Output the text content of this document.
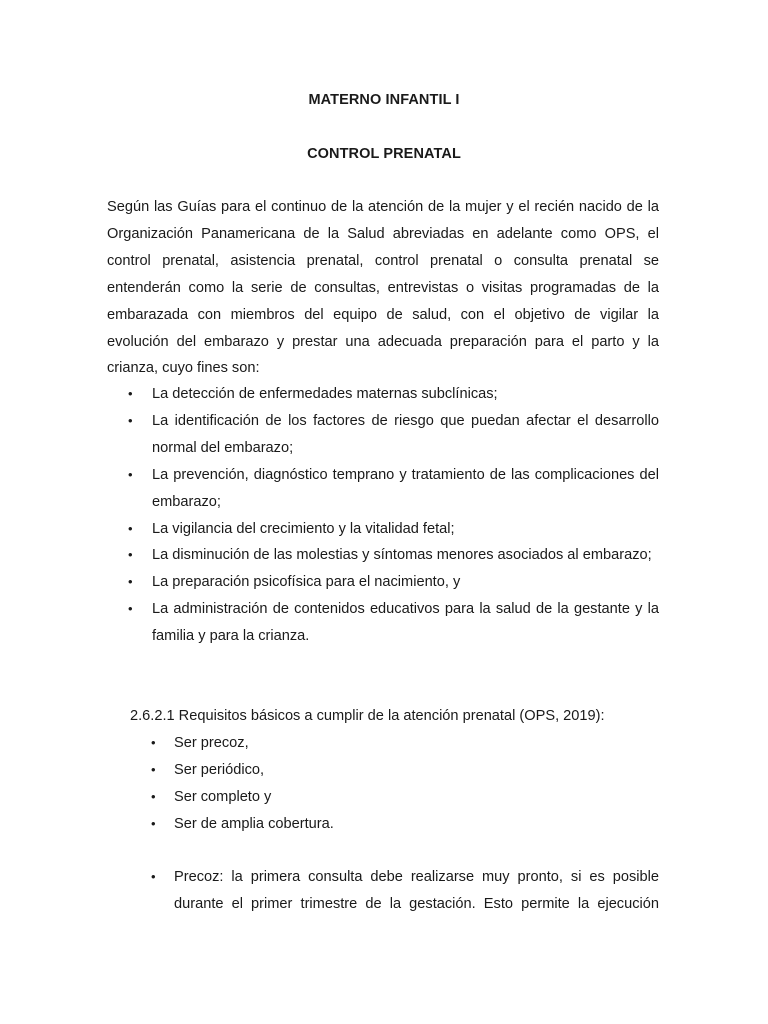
MATERNO INFANTIL I
CONTROL PRENATAL

Según las Guías para el continuo de la atención de la mujer y el recién nacido de la Organización Panamericana de la Salud abreviadas en adelante como OPS, el control prenatal, asistencia prenatal, control prenatal o consulta prenatal se entenderán como la serie de consultas, entrevistas o visitas programadas de la embarazada con miembros del equipo de salud, con el objetivo de vigilar la evolución del embarazo y prestar una adecuada preparación para el parto y la crianza, cuyo fines son:

• La detección de enfermedades maternas subclínicas;
• La identificación de los factores de riesgo que puedan afectar el desarrollo normal del embarazo;
• La prevención, diagnóstico temprano y tratamiento de las complicaciones del embarazo;
• La vigilancia del crecimiento y la vitalidad fetal;
• La disminución de las molestias y síntomas menores asociados al embarazo;
• La preparación psicofísica para el nacimiento, y
• La administración de contenidos educativos para la salud de la gestante y la familia y para la crianza.
2.6.2.1 Requisitos básicos a cumplir de la atención prenatal (OPS, 2019):
• Ser precoz,
• Ser periódico,
• Ser completo y
• Ser de amplia cobertura.
• Precoz: la primera consulta debe realizarse muy pronto, si es posible durante el primer trimestre de la gestación. Esto permite la ejecución
